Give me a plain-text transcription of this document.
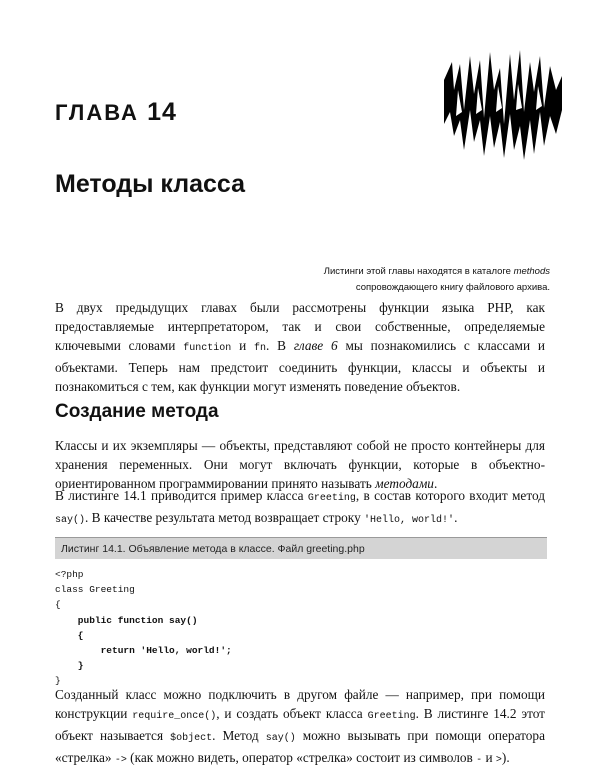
ГЛАВА 14
Методы класса
Листинги этой главы находятся в каталоге methods
сопровождающего книгу файлового архива.

В двух предыдущих главах были рассмотрены функции языка PHP, как предоставляемые интерпретатором, так и свои собственные, определяемые ключевыми словами function и fn. В главе 6 мы познакомились с классами и объектами. Теперь нам предстоит соединить функции, классы и объекты и познакомиться с тем, как функции могут изменять поведение объектов.

Создание метода

Классы и их экземпляры — объекты, представляют собой не просто контейнеры для хранения переменных. Они могут включать функции, которые в объектно-ориентированном программировании принято называть методами.

В листинге 14.1 приводится пример класса Greeting, в состав которого входит метод say(). В качестве результата метод возвращает строку 'Hello, world!'.

Листинг 14.1. Объявление метода в классе. Файл greeting.php
<?php
class Greeting
{
public function say()
{
return 'Hello, world!';
}
}

Созданный класс можно подключить в другом файле — например, при помощи конструкции require_once(), и создать объект класса Greeting. В листинге 14.2 этот объект называется $object. Метод say() можно вызывать при помощи оператора «стрелка» -> (как можно видеть, оператор «стрелка» состоит из символов - и >).
